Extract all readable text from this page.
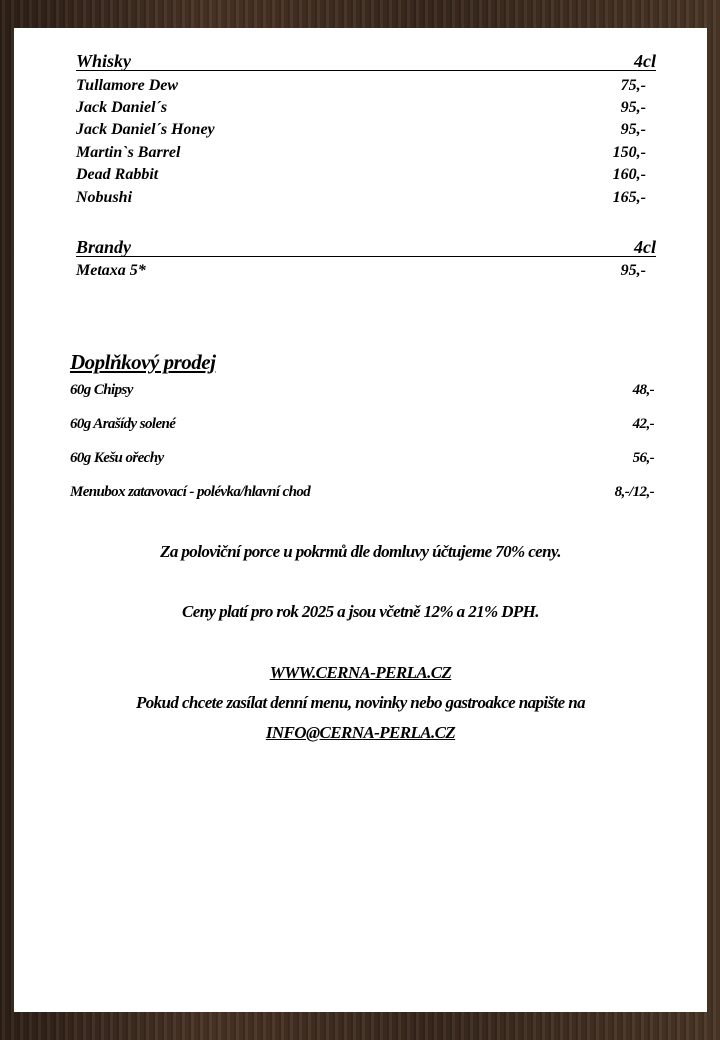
Whisky	4cl
Tullamore Dew	75,-
Jack Daniel´s	95,-
Jack Daniel´s Honey	95,-
Martin`s Barrel	150,-
Dead Rabbit	160,-
Nobushi	165,-
Brandy	4cl
Metaxa 5*	95,-
Doplňkový prodej
60g Chipsy	48,-
60g Arašídy solené	42,-
60g Kešu ořechy	56,-
Menubox zatavovací - polévka/hlavní chod	8,-/12,-
Za poloviční porce u pokrmů dle domluvy účtujeme 70% ceny.
Ceny platí pro rok 2025 a jsou včetně 12% a 21% DPH.
WWW.CERNA-PERLA.CZ
Pokud chcete zasílat denní menu, novinky nebo gastroakce napište na
INFO@CERNA-PERLA.CZ
